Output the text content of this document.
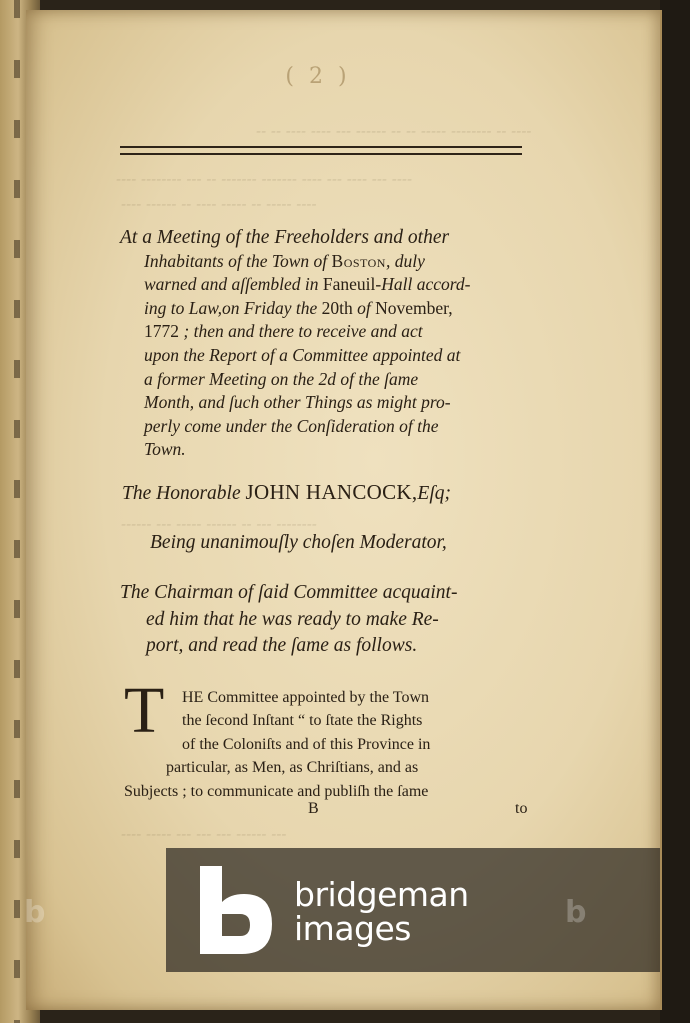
-- -- ---- ---- --- ------ -- -- ----- -------- -- ----
---- -------- --- -- ------- ------- ---- --- ---- --- ----
---- ------ -- ---- ----- -- ----- ----
------ --- ----- ------ -- --- --------
---- ----- --- --- --- ------ ---
( 2 )
At a Meeting of the Freeholders and other
Inhabitants of the Town of Boston, duly
warned and aſſembled in Faneuil-Hall accord-
ing to Law,on Friday the 20th of November,
1772 ; then and there to receive and act
upon the Report of a Committee appointed at
a former Meeting on the 2d of the ſame
Month, and ſuch other Things as might pro-
perly come under the Conſideration of the
Town.
The Honorable JOHN HANCOCK,Eſq;
Being unanimouſly choſen Moderator,
The Chairman of ſaid Committee acquaint-
ed him that he was ready to make Re-
port, and read the ſame as follows.
T	HE Committee appointed by the Town
the ſecond Inſtant “ to ſtate the Rights
of the Coloniſts and of this Province in
particular, as Men, as Chriſtians, and as
Subjects ; to communicate and publiſh the ſame
B	to
bridgeman
images	b
b
